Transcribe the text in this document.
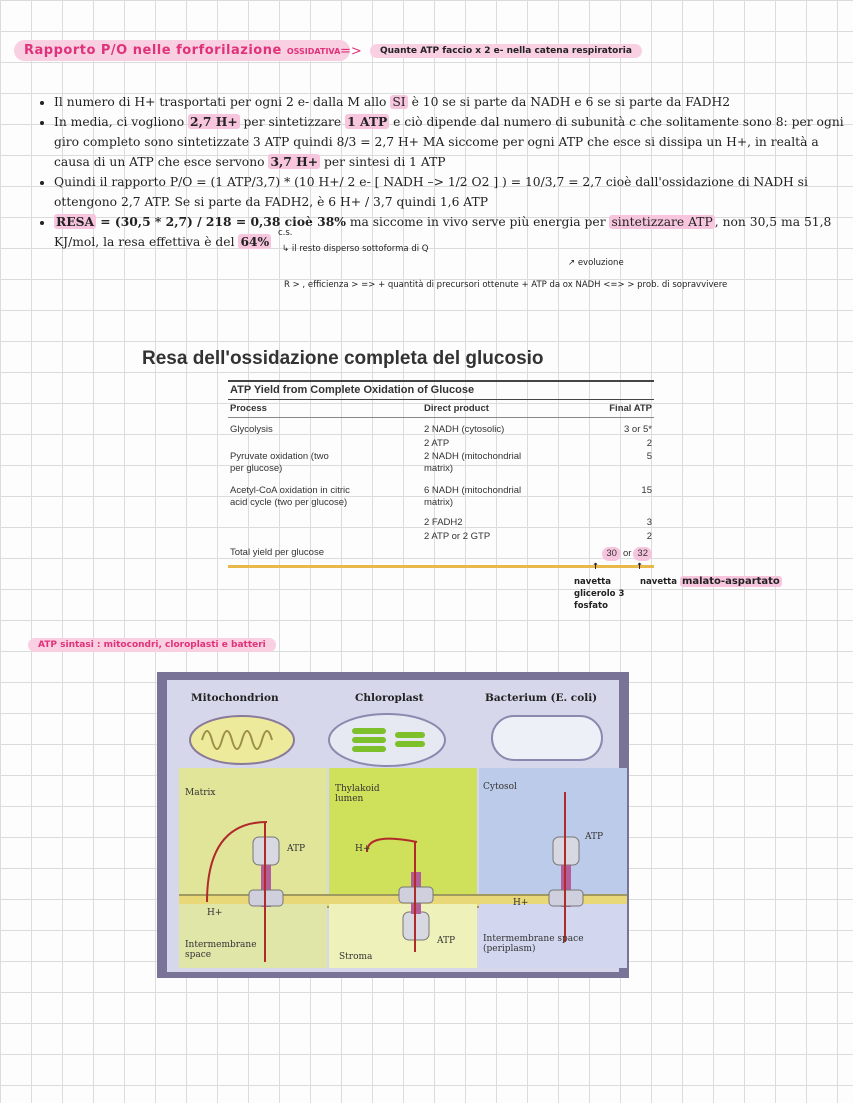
Rapporto P/O nelle forforilazione OSSIDATIVA =>	Quante ATP faccio x 2 e- nella catena respiratoria
• Il numero di H+ trasportati per ogni 2 e- dalla M allo SI è 10 se si parte da NADH e 6 se si parte da FADH2
• In media, ci vogliono 2,7 H+ per sintetizzare 1 ATP e ciò dipende dal numero di subunità c che solitamente sono 8: per ogni giro completo sono sintetizzate 3 ATP quindi 8/3 = 2,7 H+ MA siccome per ogni ATP che esce si dissipa un H+, in realtà a causa di un ATP che esce servono 3,7 H+ per sintesi di 1 ATP
• Quindi il rapporto P/O = (1 ATP/3,7) * (10 H+/ 2 e- [ NADH –> 1/2 O2 ] ) = 10/3,7 = 2,7 cioè dall'ossidazione di NADH si ottengono 2,7 ATP. Se si parte da FADH2, è 6 H+ / 3,7 quindi 1,6 ATP
• RESA = (30,5 * 2,7) / 218 = 0,38 cioè 38% ma siccome in vivo serve più energia per sintetizzare ATP , non 30,5 ma 51,8 KJ/mol, la resa effettiva è del 64%
c.s.
↳ il resto disperso sottoforma di Q
↗ evoluzione
R > , efficienza > => + quantità di precursori ottenute + ATP da ox NADH <=> > prob. di sopravvivere
Resa dell'ossidazione completa del glucosio
ATP Yield from Complete Oxidation of Glucose
Process	Direct product	Final ATP
Glycolysis	2 NADH (cytosolic)	3 or 5*
	2 ATP	2
Pyruvate oxidation (two per glucose)	2 NADH (mitochondrial matrix)	5
Acetyl-CoA oxidation in citric acid cycle (two per glucose)	6 NADH (mitochondrial matrix)	15
	2 FADH2	3
	2 ATP or 2 GTP	2
Total yield per glucose		30 or 32
↑	↑
navetta glicerolo 3 fosfato
navetta malato-aspartato
ATP sintasi : mitocondri, cloroplasti e batteri
Mitochondrion	Chloroplast	Bacterium (E. coli)
Matrix	Thylakoid lumen
Cytosol
Intermembrane space	Stroma
Intermembrane space (periplasm)
ATP
ATP
ATP
H+
H+
H+
